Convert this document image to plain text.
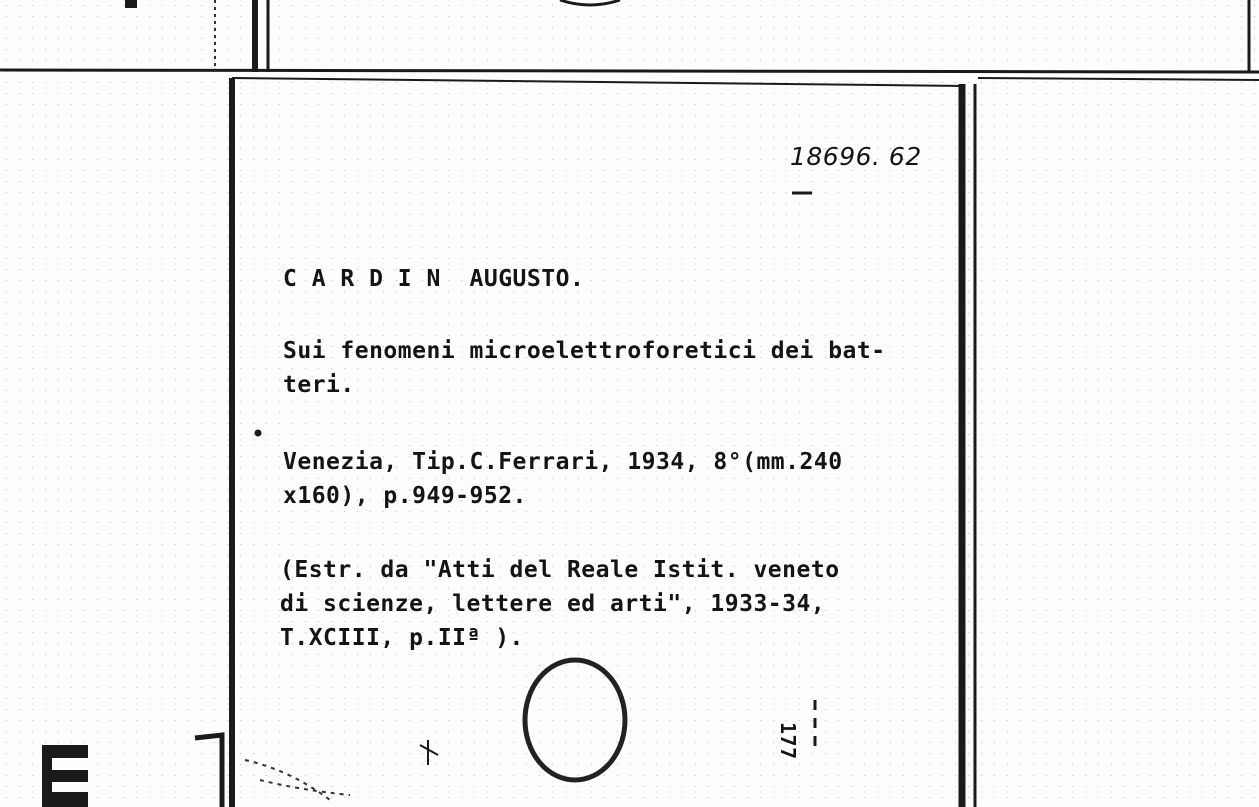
18696. 62
C A R D I N  AUGUSTO.
Sui fenomeni microelettroforetici dei bat-
teri.
Venezia, Tip.C.Ferrari, 1934, 8°(mm.240
x160), p.949-952.
(Estr. da "Atti del Reale Istit. veneto
di scienze, lettere ed arti", 1933-34,
T.XCIII, p.IIª ).
177
